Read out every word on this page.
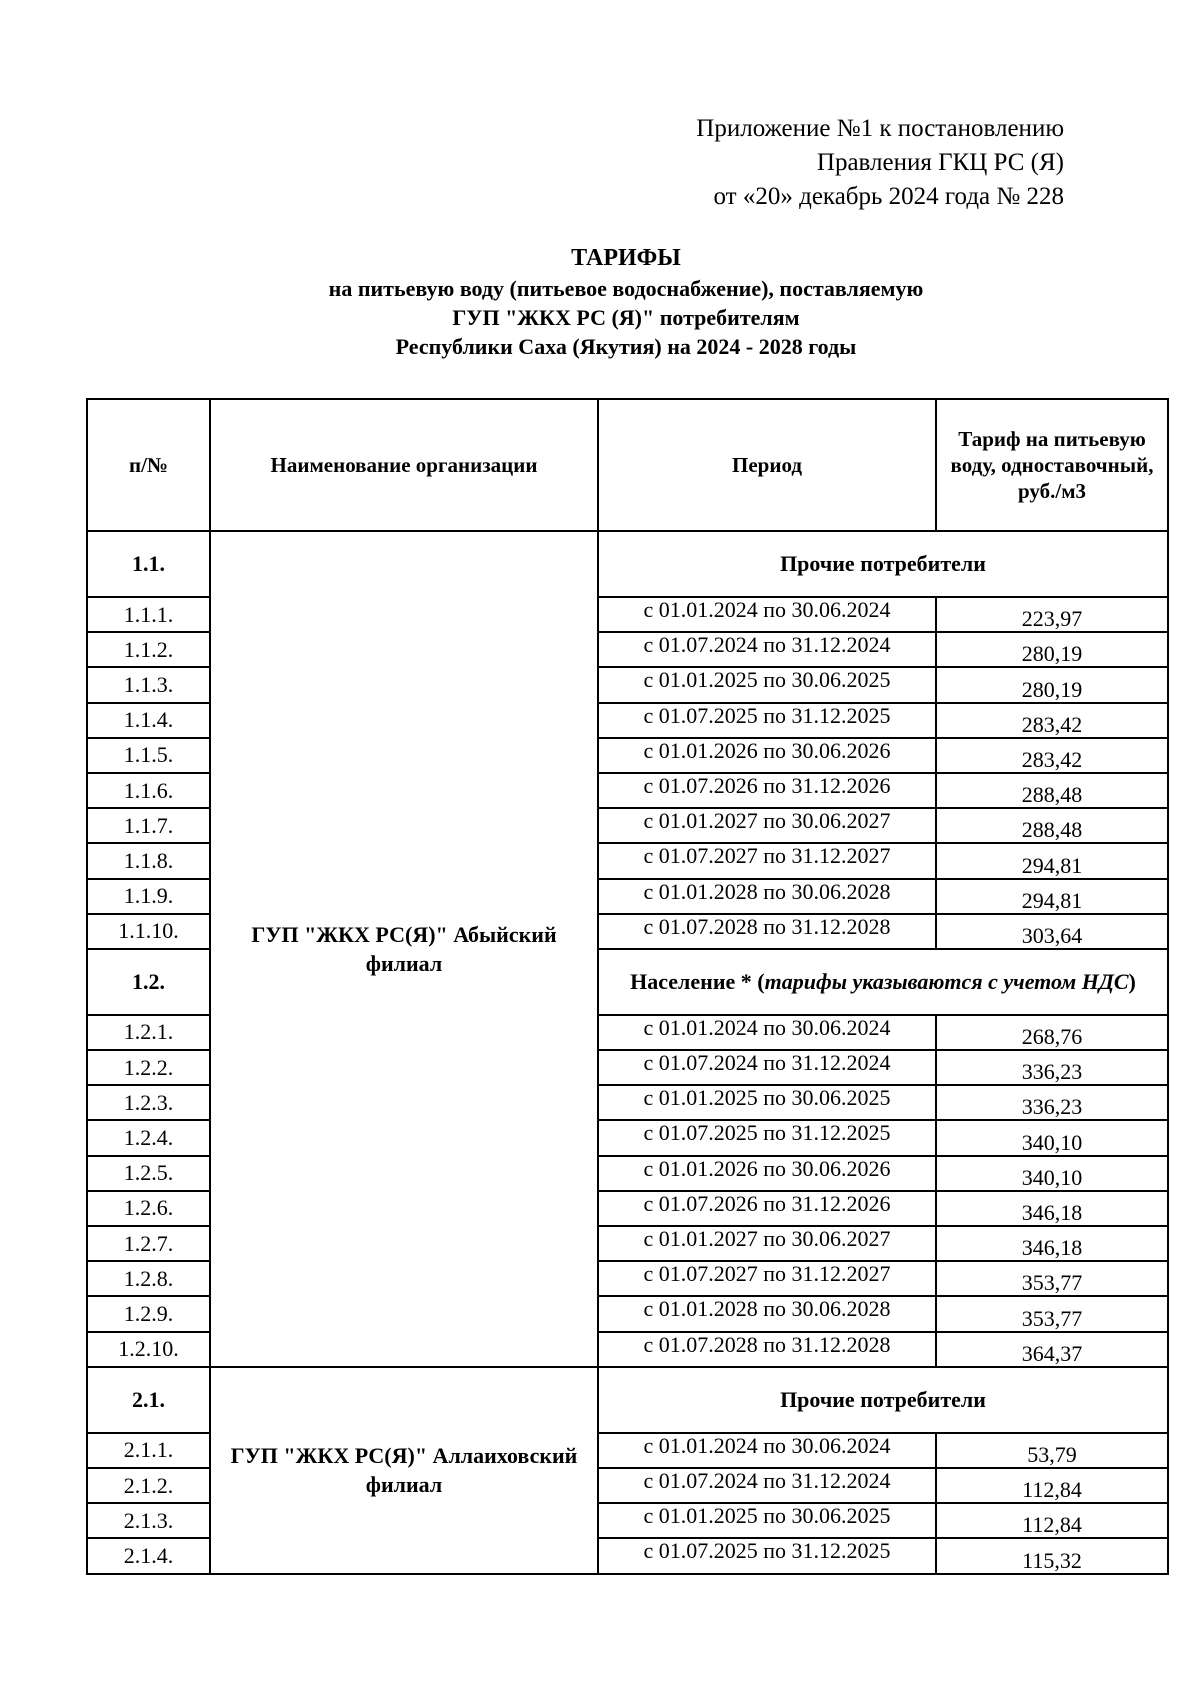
Приложение №1 к постановлению
Правления ГКЦ РС (Я)
от «20» декабрь 2024 года № 228
ТАРИФЫ
на питьевую воду (питьевое водоснабжение), поставляемую
ГУП "ЖКХ РС (Я)" потребителям
Республики Саха (Якутия) на 2024 - 2028 годы
п/№	Наименование организации	Период	Тариф на питьевую воду, одноставочный, руб./м3
1.1.	ГУП "ЖКХ РС(Я)" Абыйский филиал	Прочие потребители	
1.1.1.		с 01.01.2024 по 30.06.2024	223,97
1.1.2.		с 01.07.2024 по 31.12.2024	280,19
1.1.3.		с 01.01.2025 по 30.06.2025	280,19
1.1.4.		с 01.07.2025 по 31.12.2025	283,42
1.1.5.		с 01.01.2026 по 30.06.2026	283,42
1.1.6.		с 01.07.2026 по 31.12.2026	288,48
1.1.7.		с 01.01.2027 по 30.06.2027	288,48
1.1.8.		с 01.07.2027 по 31.12.2027	294,81
1.1.9.		с 01.01.2028 по 30.06.2028	294,81
1.1.10.		с 01.07.2028 по 31.12.2028	303,64
1.2.		Население * (тарифы указываются с учетом НДС)	
1.2.1.		с 01.01.2024 по 30.06.2024	268,76
1.2.2.		с 01.07.2024 по 31.12.2024	336,23
1.2.3.		с 01.01.2025 по 30.06.2025	336,23
1.2.4.		с 01.07.2025 по 31.12.2025	340,10
1.2.5.		с 01.01.2026 по 30.06.2026	340,10
1.2.6.		с 01.07.2026 по 31.12.2026	346,18
1.2.7.		с 01.01.2027 по 30.06.2027	346,18
1.2.8.		с 01.07.2027 по 31.12.2027	353,77
1.2.9.		с 01.01.2028 по 30.06.2028	353,77
1.2.10.		с 01.07.2028 по 31.12.2028	364,37
2.1.	ГУП "ЖКХ РС(Я)" Аллаиховский филиал	Прочие потребители	
2.1.1.		с 01.01.2024 по 30.06.2024	53,79
2.1.2.		с 01.07.2024 по 31.12.2024	112,84
2.1.3.		с 01.01.2025 по 30.06.2025	112,84
2.1.4.		с 01.07.2025 по 31.12.2025	115,32
